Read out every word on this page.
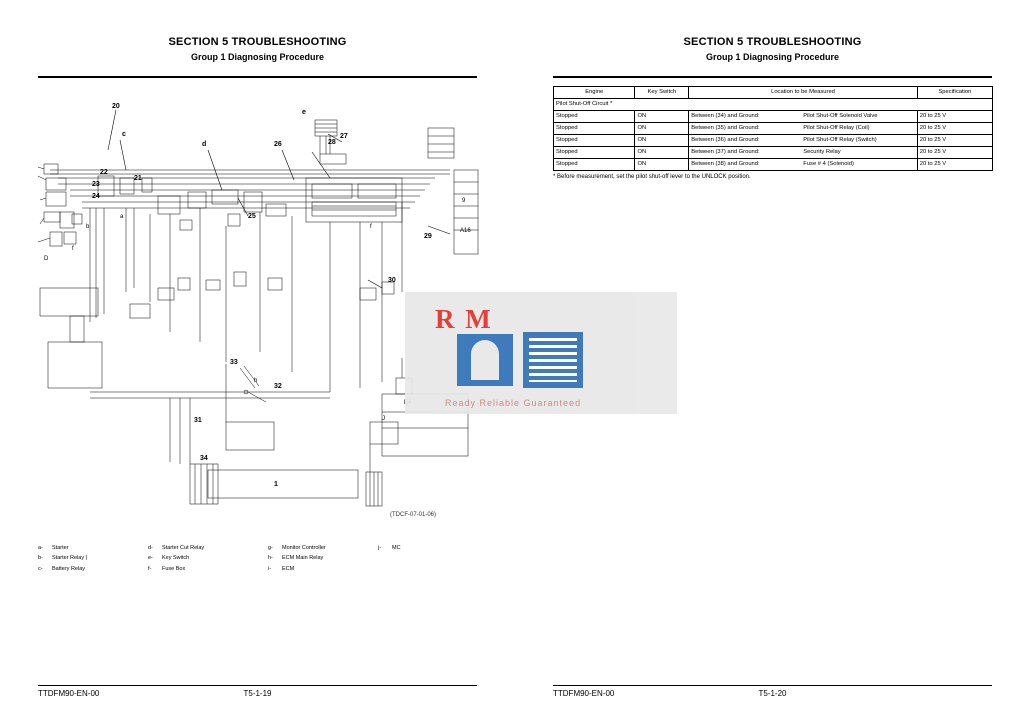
SECTION 5 TROUBLESHOOTING
Group 1 Diagnosing Procedure
20
c
d	26
e
27
28
21
22
23
24
25
29
30
33
32
31
34
1
A16
9
D
f
f
h
J
a
b
R M
Ready Reliable Guaranteed
(TDCF-07-01-06)
a- Starter
b- Starter Relay )
c- Battery Relay
d- Starter Cut Relay
e- Key Switch
f- Fuse Box
g- Monitor Controller
h- ECM Main Relay
i- ECM
j- MC
TTDFM90-EN-00	T5-1-19
SECTION 5 TROUBLESHOOTING
Group 1 Diagnosing Procedure
Engine	Key Switch	Location to be Measured	Specification
Pilot Shut-Off Circuit *			
Stopped	ON	Between (34) and Ground: Pilot Shut-Off Solenoid Valve	20 to 25 V
Stopped	ON	Between (35) and Ground: Pilot Shut-Off Relay (Coil)	20 to 25 V
Stopped	ON	Between (36) and Ground: Pilot Shut-Off Relay (Switch)	20 to 25 V
Stopped	ON	Between (37) and Ground: Security Relay	20 to 25 V
Stopped	ON	Between (38) and Ground: Fuse # 4 (Solenoid)	20 to 25 V
* Before measurement, set the pilot shut-off lever to the UNLOCK position.
TTDFM90-EN-00	T5-1-20
